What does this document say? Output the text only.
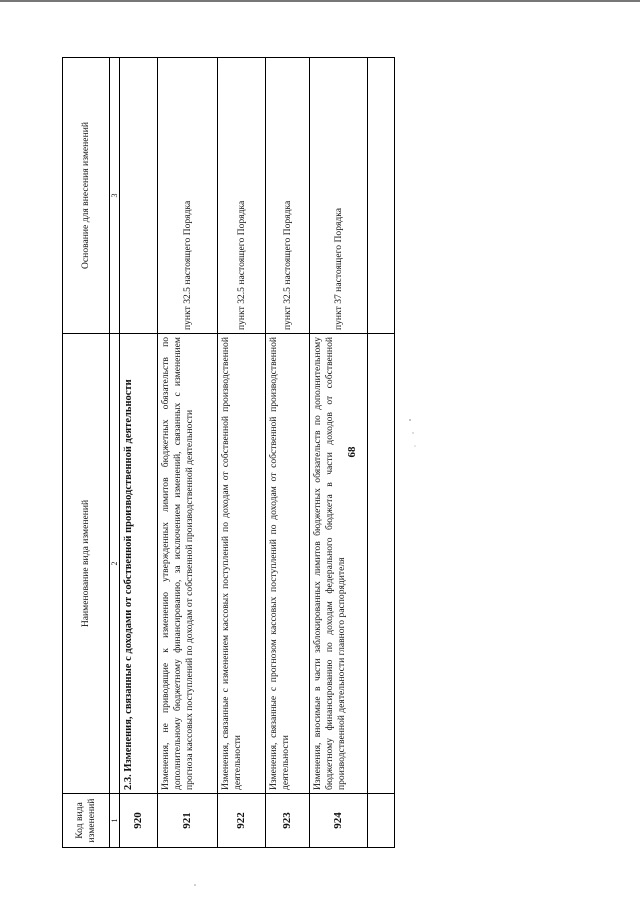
68
Код вида изменений	Наименование вида изменений	Основание для внесения изменений
1	2	3
920	2.3. Изменения, связанные с доходами от собственной производственной деятельности	
921	Изменения, не приводящие к изменению утвержденных лимитов бюджетных обязательств по дополнительному бюджетному финансированию, за исключением изменений, связанных с изменением прогноза кассовых поступлений по доходам от собственной производственной деятельности	пункт 32.5 настоящего Порядка
922	Изменения, связанные с изменением кассовых поступлений по доходам от собственной производственной деятельности	пункт 32.5 настоящего Порядка
923	Изменения, связанные с прогнозом кассовых поступлений по доходам от собственной производственной деятельности	пункт 32.5 настоящего Порядка
924	Изменения, вносимые в части заблокированных лимитов бюджетных обязательств по дополнительному бюджетному финансированию по доходам федерального бюджета в части доходов от собственной производственной деятельности главного распорядителя	пункт 37 настоящего Порядка
